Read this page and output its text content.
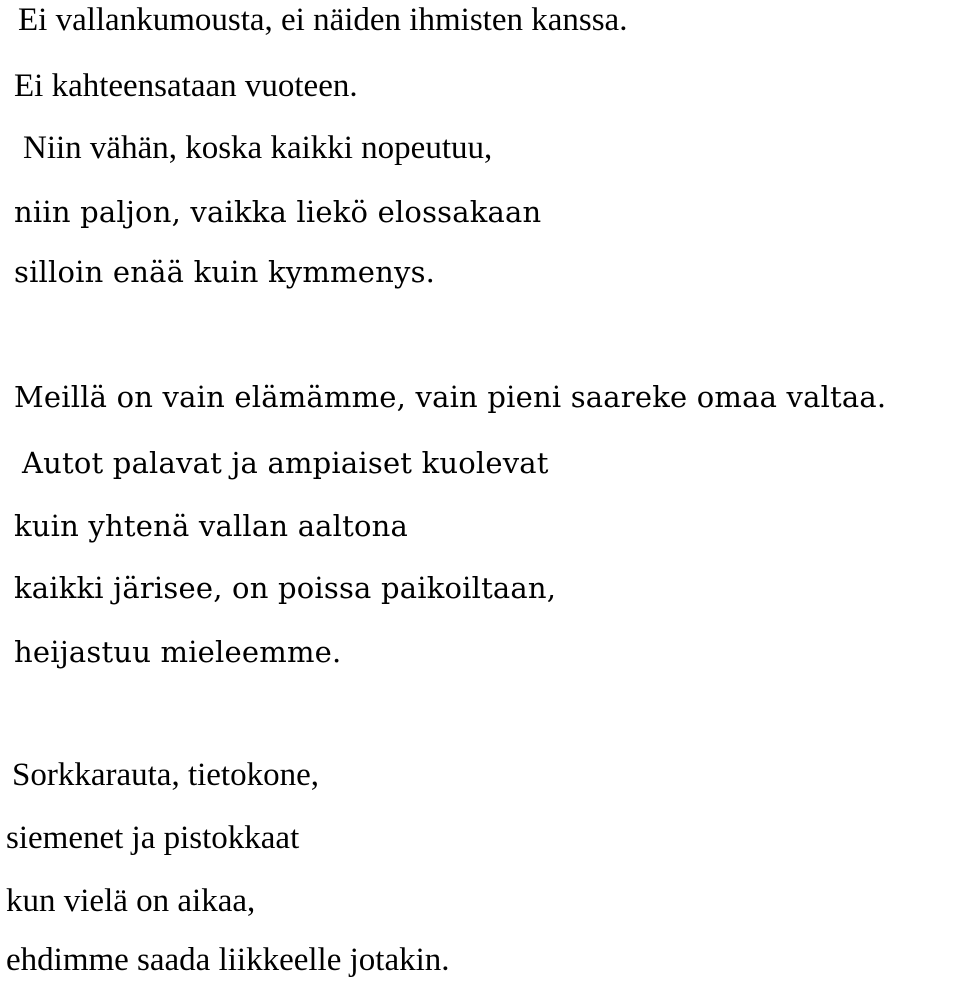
Ei vallankumousta, ei näiden ihmisten kanssa.

Ei kahteensataan vuoteen.

Niin vähän, koska kaikki nopeutuu,

niin paljon, vaikka liekö elossakaan

silloin enää kuin kymmenys.

Meillä on vain elämämme, vain pieni saareke omaa valtaa.

Autot palavat ja ampiaiset kuolevat

kuin yhtenä vallan aaltona

kaikki järisee, on poissa paikoiltaan,

heijastuu mieleemme.

Sorkkarauta, tietokone,

siemenet ja pistokkaat

kun vielä on aikaa,

ehdimme saada liikkeelle jotakin.
